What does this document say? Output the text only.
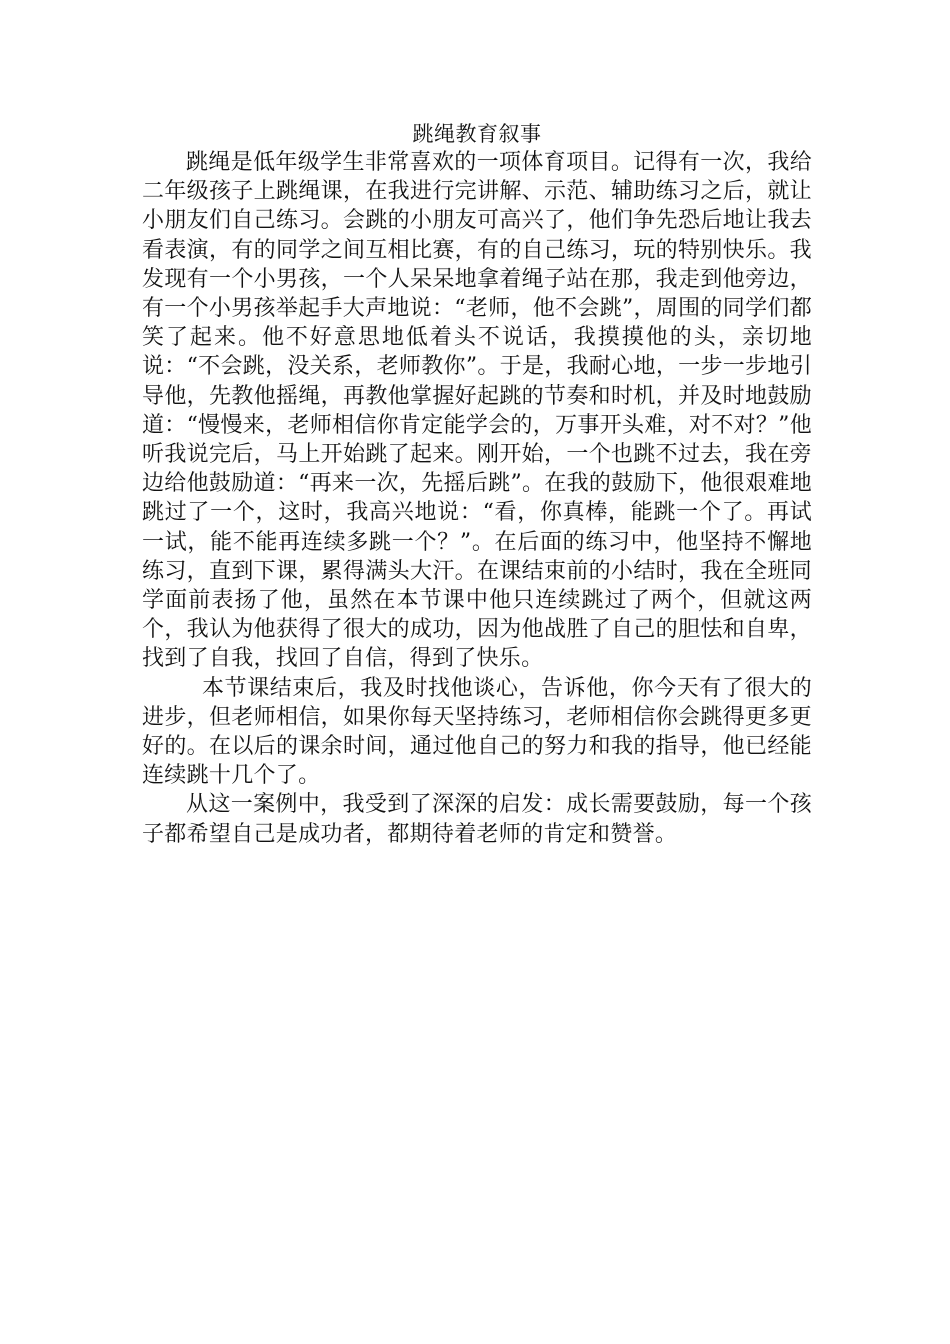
跳绳教育叙事

跳绳是低年级学生非常喜欢的一项体育项目。记得有一次，我给二年级孩子上跳绳课，在我进行完讲解、示范、辅助练习之后，就让小朋友们自己练习。会跳的小朋友可高兴了，他们争先恐后地让我去看表演，有的同学之间互相比赛，有的自己练习，玩的特别快乐。我发现有一个小男孩，一个人呆呆地拿着绳子站在那，我走到他旁边，有一个小男孩举起手大声地说：“老师，他不会跳”，周围的同学们都笑了起来。他不好意思地低着头不说话，我摸摸他的头，亲切地说：“不会跳，没关系，老师教你”。于是，我耐心地，一步一步地引导他，先教他摇绳，再教他掌握好起跳的节奏和时机，并及时地鼓励道：“慢慢来，老师相信你肯定能学会的，万事开头难，对不对？”他听我说完后，马上开始跳了起来。刚开始，一个也跳不过去，我在旁边给他鼓励道：“再来一次，先摇后跳”。在我的鼓励下，他很艰难地跳过了一个，这时，我高兴地说：“看，你真棒，能跳一个了。再试一试，能不能再连续多跳一个？”。在后面的练习中，他坚持不懈地练习，直到下课，累得满头大汗。在课结束前的小结时，我在全班同学面前表扬了他，虽然在本节课中他只连续跳过了两个，但就这两个，我认为他获得了很大的成功，因为他战胜了自己的胆怯和自卑，找到了自我，找回了自信，得到了快乐。

本节课结束后，我及时找他谈心，告诉他，你今天有了很大的进步，但老师相信，如果你每天坚持练习，老师相信你会跳得更多更好的。在以后的课余时间，通过他自己的努力和我的指导，他已经能连续跳十几个了。

从这一案例中，我受到了深深的启发：成长需要鼓励，每一个孩子都希望自己是成功者，都期待着老师的肯定和赞誉。
